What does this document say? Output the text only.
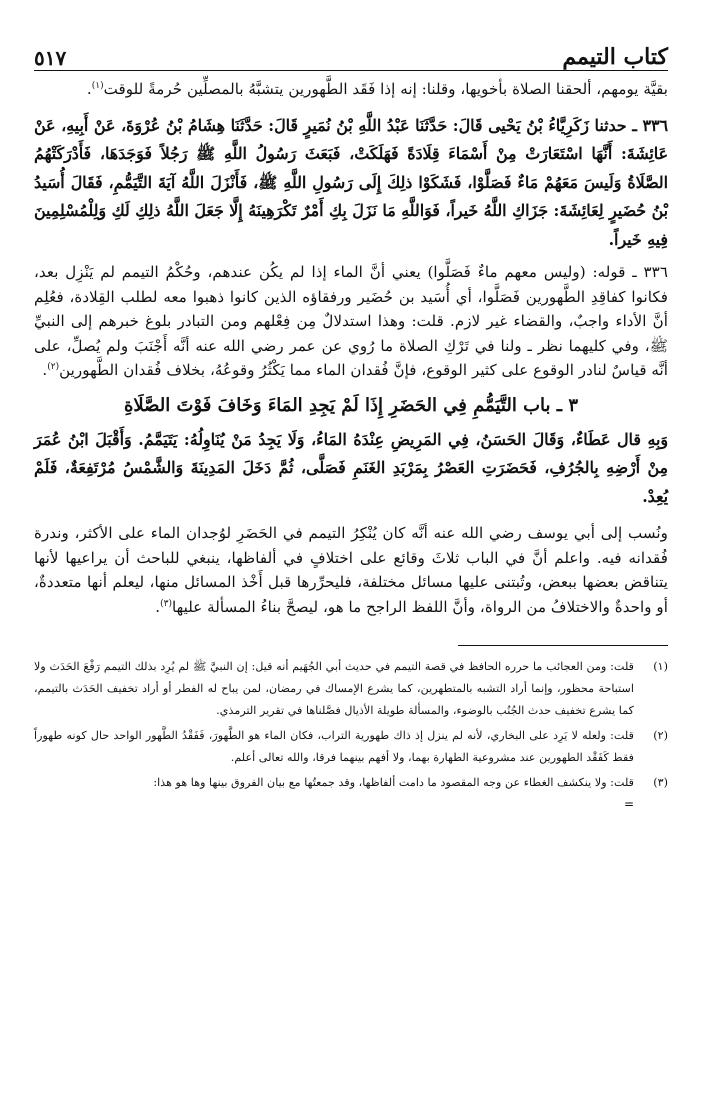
كتاب التيمم
٥١٧

بقيَّة يومهم، ألحقنا الصلاة بأخويها، وقلنا: إنه إذا فَقَد الطَّهورين يتشبَّهُ بالمصلِّين حُرمةً للوقت$^{(١)}$.

٣٣٦ ـ حدثنا زَكَرِيَّاءُ بْنُ يَحْيى قَالَ: حَدَّثَنَا عَبْدُ اللَّهِ بْنُ نُمَيرٍ قَالَ: حَدَّثَنَا هِشَامُ بْنُ عُرْوَةَ، عَنْ أَبِيهِ، عَنْ عَائِشَةَ: أَنَّهَا اسْتَعَارَتْ مِنْ أَسْمَاءَ قِلَادَةً فَهَلَكَتْ، فَبَعَثَ رَسُولُ اللَّهِ ﷺ رَجُلاً فَوَجَدَهَا، فَأَدْرَكَتْهُمُ الصَّلَاةُ وَلَيسَ مَعَهُمْ مَاءٌ فَصَلَّوْا، فَشَكَوْا ذلِكَ إِلَى رَسُولِ اللَّهِ ﷺ، فَأَنْزَلَ اللَّهُ آيَةَ التَّيَمُّمِ، فَقَالَ أُسَيدُ بْنُ حُضَيرٍ لِعَائِشَةَ: جَزَاكِ اللَّهُ خَيراً، فَوَاللَّهِ مَا نَزَلَ بِكِ أَمْرٌ تَكْرَهِينَهُ إِلَّا جَعَلَ اللَّهُ ذلِكِ لَكِ وَلِلْمُسْلِمِينَ فِيهِ خَيراً.

٣٣٦ ـ قوله: (وليس معهم ماءٌ فَصَلَّوا) يعني أنَّ الماء إذا لم يكُن عندهم، وحُكْمُ التيمم لم يَنْزِل بعد، فكانوا كفاقِدِ الطَّهورين فَصَلَّوا، أي أُسَيد بن حُضَير ورفقاؤه الذين كانوا ذهبوا معه لطلب القِلادة، فعُلِم أنَّ الأداء واجبٌ، والقضاء غير لازم. قلت: وهذا استدلالٌ مِن فِعْلهم ومن التبادر بلوغ خبرهم إلى النبيِّ ﷺ، وفي كليهما نظر ـ ولنا في تَرْكِ الصلاة ما رُوي عن عمر رضي الله عنه أنَّه أَجْنَبَ ولم يُصلِّ، على أنَّه قياسٌ لنادر الوقوع على كثير الوقوع، فإنَّ فُقدان الماء مما يَكْثُرُ وقوعُهُ، بخلاف فُقدان الطَّهورين$^{(٢)}$.

٣ ـ باب التَّيَمُّمِ فِي الحَضَرِ إِذَا لَمْ يَجِدِ المَاءَ وَخَافَ فَوْتَ الصَّلَاةِ

وَبِهِ قال عَطَاءٌ، وَقَالَ الحَسَنُ، فِي المَرِيضِ عِنْدَهُ المَاءُ، وَلَا يَجِدُ مَنْ يُنَاوِلُهُ: يَتَيَمَّمُ. وَأَقْبَلَ ابْنُ عُمَرَ مِنْ أَرْضِهِ بِالجُرُفِ، فَحَضَرَتِ العَصْرُ بِمَرْبَدِ الغَنَمِ فَصَلَّى، ثُمَّ دَخَلَ المَدِينَةَ وَالشَّمْسُ مُرْتَفِعَةٌ، فَلَمْ يُعِدْ.

ونُسب إلى أبي يوسف رضي الله عنه أنَّه كان يُنْكِرُ التيمم في الحَضَرِ لوُجدان الماء على الأكثر، وندرة فُقدانه فيه. واعلم أنَّ في الباب ثلاثَ وقائع على اختلافٍ في ألفاظها، ينبغي للباحث أن يراعيها لأنها يتناقض بعضها ببعض، وتُبتنى عليها مسائل مختلفة، فليحرِّرها قبل أَخْذ المسائل منها، ليعلم أنها متعددةٌ، أو واحدةٌ والاختلافُ من الرواة، وأنَّ اللفظ الراجح ما هو، ليصحَّ بناءُ المسألة عليها$^{(٣)}$.

(١)
قلت: ومن العجائب ما حرره الحافظ في قصة التيمم في حديث أبي الجُهَيم أنه قيل: إن النبيَّ ﷺ لم يُرِد بذلك التيمم رَفْعَ الحَدَث ولا استباحة محظور، وإنما أراد التشبه بالمتطهرين، كما يشرع الإمساك في رمضان، لمن يباح له الفطر أو أراد تخفيف الحَدَث بالتيمم، كما يشرع تخفيف حدث الجُنُب بالوضوء، والمسألة طويلة الأذيال فصَّلناها في تقرير الترمذي.
(٢)
قلت: ولعله لا يَرِد على البخاري، لأنه لم ينزل إذ ذاك طهورية التراب، فكان الماء هو الطَّهورَ، فَفَقْدُ الطَّهور الواحد حال كونه طهوراً فقط كَفَقْد الطهورين عند مشروعية الطهارة بهما، ولا أفهم بينهما فرقا، والله تعالى أعلم.
(٣)
قلت: ولا ينكشف الغطاء عن وجه المقصود ما دامت ألفاظها، وقد جمعتُها مع بيان الفروق بينها وها هو هذا:
=
